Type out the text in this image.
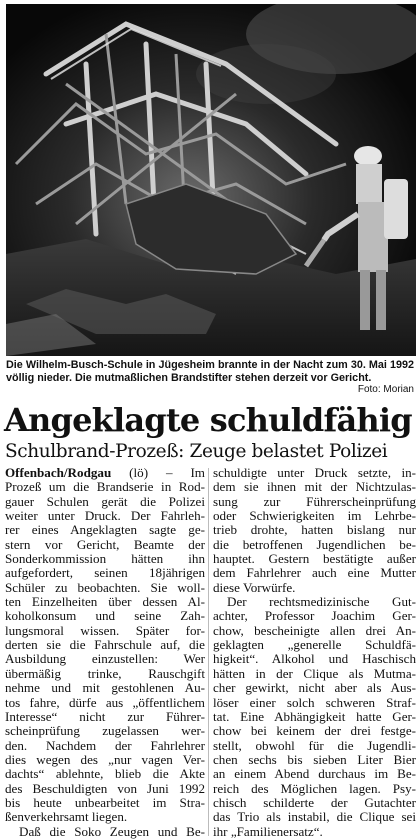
Die Wilhelm-Busch-Schule in Jügesheim brannte in der Nacht zum 30. Mai 1992 völlig nieder. Die mutmaßlichen Brandstifter stehen derzeit vor Gericht.
Foto: Morian
Angeklagte schuldfähig
Schulbrand-Prozeß: Zeuge belastet Polizei
Offenbach/Rodgau (lö) – Im
Prozeß um die Brandserie in Rod-
gauer Schulen gerät die Polizei
weiter unter Druck. Der Fahrleh-
rer eines Angeklagten sagte ge-
stern vor Gericht, Beamte der
Sonderkommission hätten ihn
aufgefordert, seinen 18jährigen
Schüler zu beobachten. Sie woll-
ten Einzelheiten über dessen Al-
koholkonsum und seine Zah-
lungsmoral wissen. Später for-
derten sie die Fahrschule auf, die
Ausbildung einzustellen: Wer
übermäßig trinke, Rauschgift
nehme und mit gestohlenen Au-
tos fahre, dürfe aus „öffentlichem
Interesse“ nicht zur Führer-
scheinprüfung zugelassen wer-
den. Nachdem der Fahrlehrer
dies wegen des „nur vagen Ver-
dachts“ ablehnte, blieb die Akte
des Beschuldigten von Juni 1992
bis heute unbearbeitet im Stra-
ßenverkehrsamt liegen.
Daß die Soko Zeugen und Be-
schuldigte unter Druck setzte, in-
dem sie ihnen mit der Nichtzulas-
sung zur Führerscheinprüfung
oder Schwierigkeiten im Lehrbe-
trieb drohte, hatten bislang nur
die betroffenen Jugendlichen be-
hauptet. Gestern bestätigte außer
dem Fahrlehrer auch eine Mutter
diese Vorwürfe.
Der rechtsmedizinische Gut-
achter, Professor Joachim Ger-
chow, bescheinigte allen drei An-
geklagten „generelle Schuldfä-
higkeit“. Alkohol und Haschisch
hätten in der Clique als Mutma-
cher gewirkt, nicht aber als Aus-
löser einer solch schweren Straf-
tat. Eine Abhängigkeit hatte Ger-
chow bei keinem der drei festge-
stellt, obwohl für die Jugendli-
chen sechs bis sieben Liter Bier
an einem Abend durchaus im Be-
reich des Möglichen lagen. Psy-
chisch schilderte der Gutachter
das Trio als instabil, die Clique sei
ihr „Familienersatz“.
